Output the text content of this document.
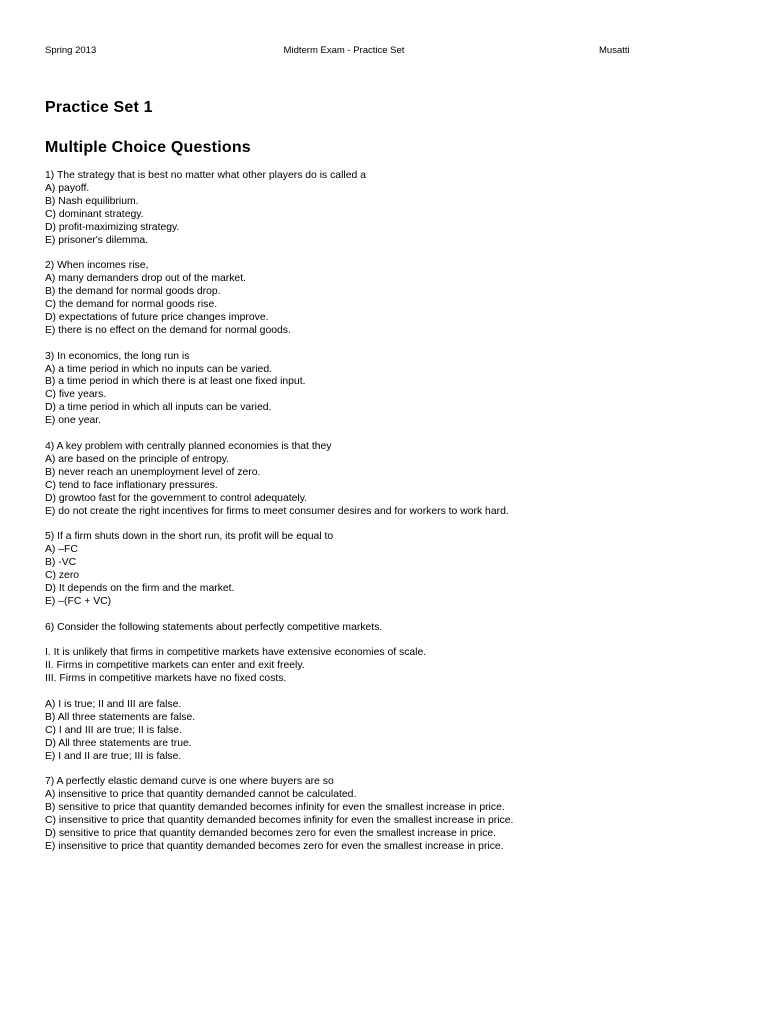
Spring 2013	Midterm Exam - Practice Set	Musatti
Practice Set 1
Multiple Choice Questions
1) The strategy that is best no matter what other players do is called a
A) payoff.
B) Nash equilibrium.
C) dominant strategy.
D) profit-maximizing strategy.
E) prisoner's dilemma.
2) When incomes rise,
A) many demanders drop out of the market.
B) the demand for normal goods drop.
C) the demand for normal goods rise.
D) expectations of future price changes improve.
E) there is no effect on the demand for normal goods.
3) In economics, the long run is
A) a time period in which no inputs can be varied.
B) a time period in which there is at least one fixed input.
C) five years.
D) a time period in which all inputs can be varied.
E) one year.
4) A key problem with centrally planned economies is that they
A) are based on the principle of entropy.
B) never reach an unemployment level of zero.
C) tend to face inflationary pressures.
D) growtoo fast for the government to control adequately.
E) do not create the right incentives for firms to meet consumer desires and for workers to work hard.
5) If a firm shuts down in the short run, its profit will be equal to
A) –FC
B) -VC
C) zero
D) It depends on the firm and the market.
E) –(FC + VC)
6) Consider the following statements about perfectly competitive markets.
I. It is unlikely that firms in competitive markets have extensive economies of scale.
II. Firms in competitive markets can enter and exit freely.
III. Firms in competitive markets have no fixed costs.
A) I is true; II and III are false.
B) All three statements are false.
C) I and III are true; II is false.
D) All three statements are true.
E) I and II are true; III is false.
7) A perfectly elastic demand curve is one where buyers are so
A) insensitive to price that quantity demanded cannot be calculated.
B) sensitive to price that quantity demanded becomes infinity for even the smallest increase in price.
C) insensitive to price that quantity demanded becomes infinity for even the smallest increase in price.
D) sensitive to price that quantity demanded becomes zero for even the smallest increase in price.
E) insensitive to price that quantity demanded becomes zero for even the smallest increase in price.
